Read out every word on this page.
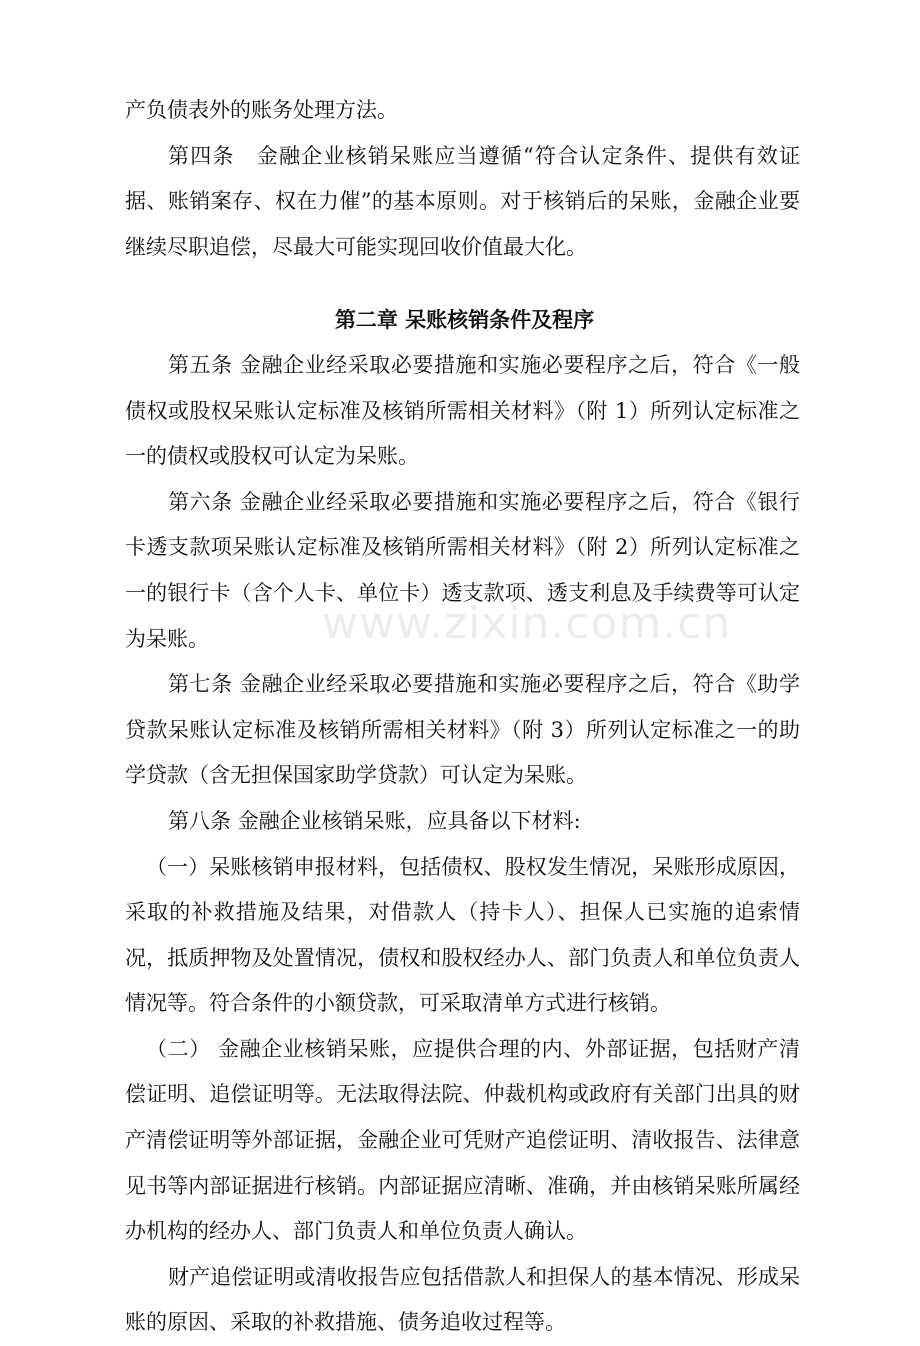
产负债表外的账务处理方法。

第四条　金融企业核销呆账应当遵循“符合认定条件、提供有效证据、账销案存、权在力催”的基本原则。对于核销后的呆账，金融企业要继续尽职追偿，尽最大可能实现回收价值最大化。

第二章 呆账核销条件及程序

第五条 金融企业经采取必要措施和实施必要程序之后，符合《一般债权或股权呆账认定标准及核销所需相关材料》（附 1）所列认定标准之一的债权或股权可认定为呆账。

第六条 金融企业经采取必要措施和实施必要程序之后，符合《银行卡透支款项呆账认定标准及核销所需相关材料》（附 2）所列认定标准之一的银行卡（含个人卡、单位卡）透支款项、透支利息及手续费等可认定为呆账。

第七条 金融企业经采取必要措施和实施必要程序之后，符合《助学贷款呆账认定标准及核销所需相关材料》（附 3）所列认定标准之一的助学贷款（含无担保国家助学贷款）可认定为呆账。

第八条 金融企业核销呆账，应具备以下材料:

（一）呆账核销申报材料，包括债权、股权发生情况，呆账形成原因，采取的补救措施及结果，对借款人（持卡人）、担保人已实施的追索情况，抵质押物及处置情况，债权和股权经办人、部门负责人和单位负责人情况等。符合条件的小额贷款，可采取清单方式进行核销。

（二） 金融企业核销呆账，应提供合理的内、外部证据，包括财产清偿证明、追偿证明等。无法取得法院、仲裁机构或政府有关部门出具的财产清偿证明等外部证据，金融企业可凭财产追偿证明、清收报告、法律意见书等内部证据进行核销。内部证据应清晰、准确，并由核销呆账所属经办机构的经办人、部门负责人和单位负责人确认。

财产追偿证明或清收报告应包括借款人和担保人的基本情况、形成呆账的原因、采取的补救措施、债务追收过程等。

www.zixin.com.cn
